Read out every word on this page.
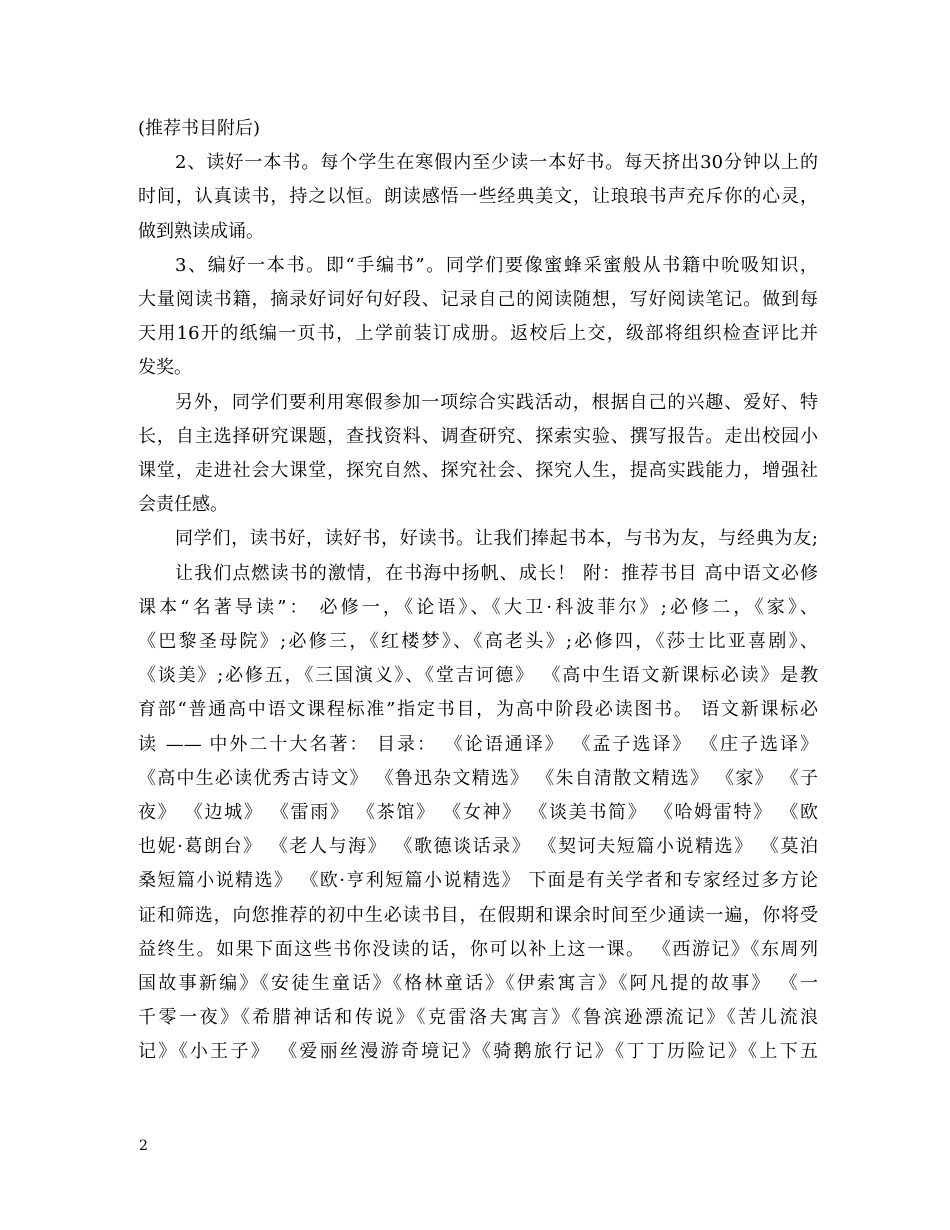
(推荐书目附后)
2、读好一本书。每个学生在寒假内至少读一本好书。每天挤出30分钟以上的
时间，认真读书，持之以恒。朗读感悟一些经典美文，让琅琅书声充斥你的心灵，
做到熟读成诵。
3、编好一本书。即“手编书”。同学们要像蜜蜂采蜜般从书籍中吮吸知识，
大量阅读书籍，摘录好词好句好段、记录自己的阅读随想，写好阅读笔记。做到每
天用16开的纸编一页书，上学前装订成册。返校后上交，级部将组织检查评比并
发奖。
另外，同学们要利用寒假参加一项综合实践活动，根据自己的兴趣、爱好、特
长，自主选择研究课题，查找资料、调查研究、探索实验、撰写报告。走出校园小
课堂，走进社会大课堂，探究自然、探究社会、探究人生，提高实践能力，增强社
会责任感。
同学们，读书好，读好书，好读书。让我们捧起书本，与书为友，与经典为友;
让我们点燃读书的激情，在书海中扬帆、成长！ 附：推荐书目 高中语文必修
课本“名著导读”： 必修一，《论语》、《大卫·科波菲尔》;必修二，《家》、
《巴黎圣母院》;必修三，《红楼梦》、《高老头》;必修四，《莎士比亚喜剧》、
《谈美》;必修五，《三国演义》、《堂吉诃德》 《高中生语文新课标必读》是教
育部“普通高中语文课程标准”指定书目，为高中阶段必读图书。 语文新课标必
读 —— 中外二十大名著： 目录： 《论语通译》 《孟子选译》 《庄子选译》
《高中生必读优秀古诗文》 《鲁迅杂文精选》 《朱自清散文精选》 《家》 《子
夜》 《边城》 《雷雨》 《茶馆》 《女神》 《谈美书简》 《哈姆雷特》 《欧
也妮·葛朗台》 《老人与海》 《歌德谈话录》 《契诃夫短篇小说精选》 《莫泊
桑短篇小说精选》 《欧·亨利短篇小说精选》 下面是有关学者和专家经过多方论
证和筛选，向您推荐的初中生必读书目，在假期和课余时间至少通读一遍，你将受
益终生。如果下面这些书你没读的话，你可以补上这一课。 《西游记》《东周列
国故事新编》《安徒生童话》《格林童话》《伊索寓言》《阿凡提的故事》 《一
千零一夜》《希腊神话和传说》《克雷洛夫寓言》《鲁滨逊漂流记》《苦儿流浪
记》《小王子》 《爱丽丝漫游奇境记》《骑鹅旅行记》《丁丁历险记》《上下五
2
